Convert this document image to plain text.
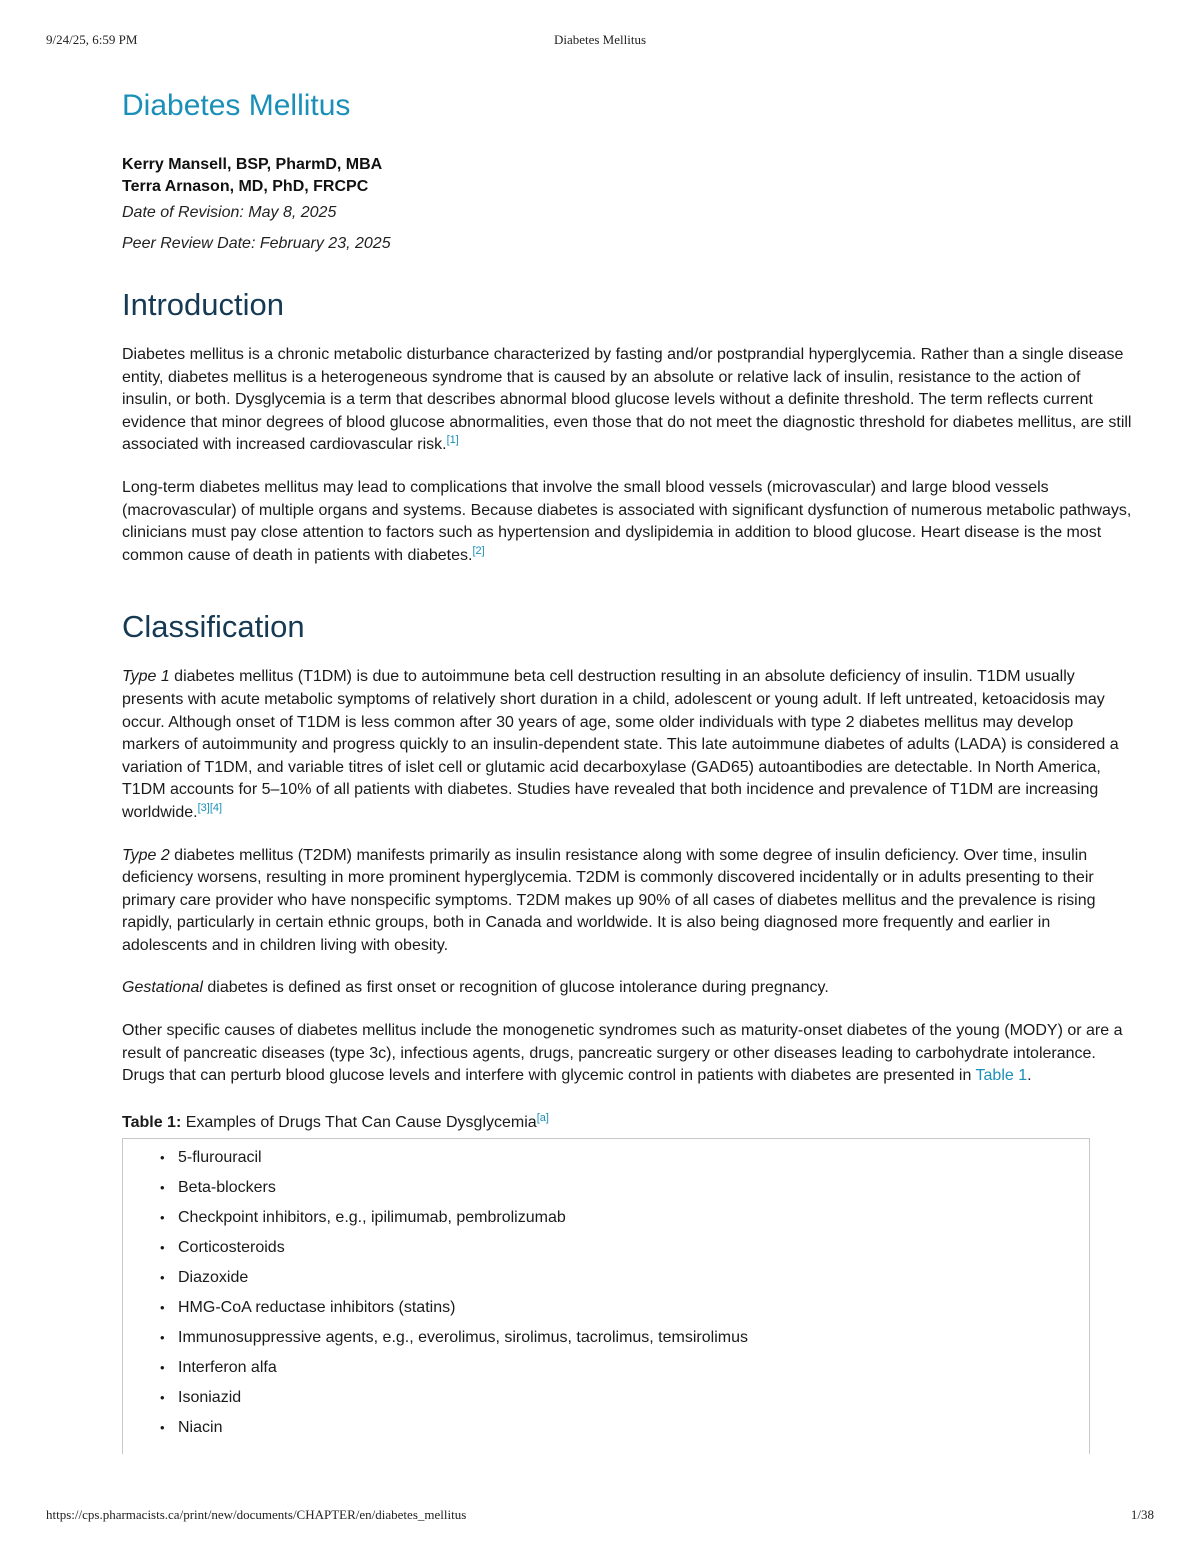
9/24/25, 6:59 PM	Diabetes Mellitus
Diabetes Mellitus
Kerry Mansell, BSP, PharmD, MBA
Terra Arnason, MD, PhD, FRCPC
Date of Revision: May 8, 2025
Peer Review Date: February 23, 2025
Introduction

Diabetes mellitus is a chronic metabolic disturbance characterized by fasting and/or postprandial hyperglycemia. Rather than a single disease entity, diabetes mellitus is a heterogeneous syndrome that is caused by an absolute or relative lack of insulin, resistance to the action of insulin, or both. Dysglycemia is a term that describes abnormal blood glucose levels without a definite threshold. The term reflects current evidence that minor degrees of blood glucose abnormalities, even those that do not meet the diagnostic threshold for diabetes mellitus, are still associated with increased cardiovascular risk.[1]

Long-term diabetes mellitus may lead to complications that involve the small blood vessels (microvascular) and large blood vessels (macrovascular) of multiple organs and systems. Because diabetes is associated with significant dysfunction of numerous metabolic pathways, clinicians must pay close attention to factors such as hypertension and dyslipidemia in addition to blood glucose. Heart disease is the most common cause of death in patients with diabetes.[2]

Classification

Type 1 diabetes mellitus (T1DM) is due to autoimmune beta cell destruction resulting in an absolute deficiency of insulin. T1DM usually presents with acute metabolic symptoms of relatively short duration in a child, adolescent or young adult. If left untreated, ketoacidosis may occur. Although onset of T1DM is less common after 30 years of age, some older individuals with type 2 diabetes mellitus may develop markers of autoimmunity and progress quickly to an insulin-dependent state. This late autoimmune diabetes of adults (LADA) is considered a variation of T1DM, and variable titres of islet cell or glutamic acid decarboxylase (GAD65) autoantibodies are detectable. In North America, T1DM accounts for 5–10% of all patients with diabetes. Studies have revealed that both incidence and prevalence of T1DM are increasing worldwide.[3][4]

Type 2 diabetes mellitus (T2DM) manifests primarily as insulin resistance along with some degree of insulin deficiency. Over time, insulin deficiency worsens, resulting in more prominent hyperglycemia. T2DM is commonly discovered incidentally or in adults presenting to their primary care provider who have nonspecific symptoms. T2DM makes up 90% of all cases of diabetes mellitus and the prevalence is rising rapidly, particularly in certain ethnic groups, both in Canada and worldwide. It is also being diagnosed more frequently and earlier in adolescents and in children living with obesity.

Gestational diabetes is defined as first onset or recognition of glucose intolerance during pregnancy.

Other specific causes of diabetes mellitus include the monogenetic syndromes such as maturity-onset diabetes of the young (MODY) or are a result of pancreatic diseases (type 3c), infectious agents, drugs, pancreatic surgery or other diseases leading to carbohydrate intolerance. Drugs that can perturb blood glucose levels and interfere with glycemic control in patients with diabetes are presented in Table 1.

Table 1: Examples of Drugs That Can Cause Dysglycemia[a]
• 5-flurouracil
• Beta-blockers
• Checkpoint inhibitors, e.g., ipilimumab, pembrolizumab
• Corticosteroids
• Diazoxide
• HMG-CoA reductase inhibitors (statins)
• Immunosuppressive agents, e.g., everolimus, sirolimus, tacrolimus, temsirolimus
• Interferon alfa
• Isoniazid
• Niacin
https://cps.pharmacists.ca/print/new/documents/CHAPTER/en/diabetes_mellitus	1/38
